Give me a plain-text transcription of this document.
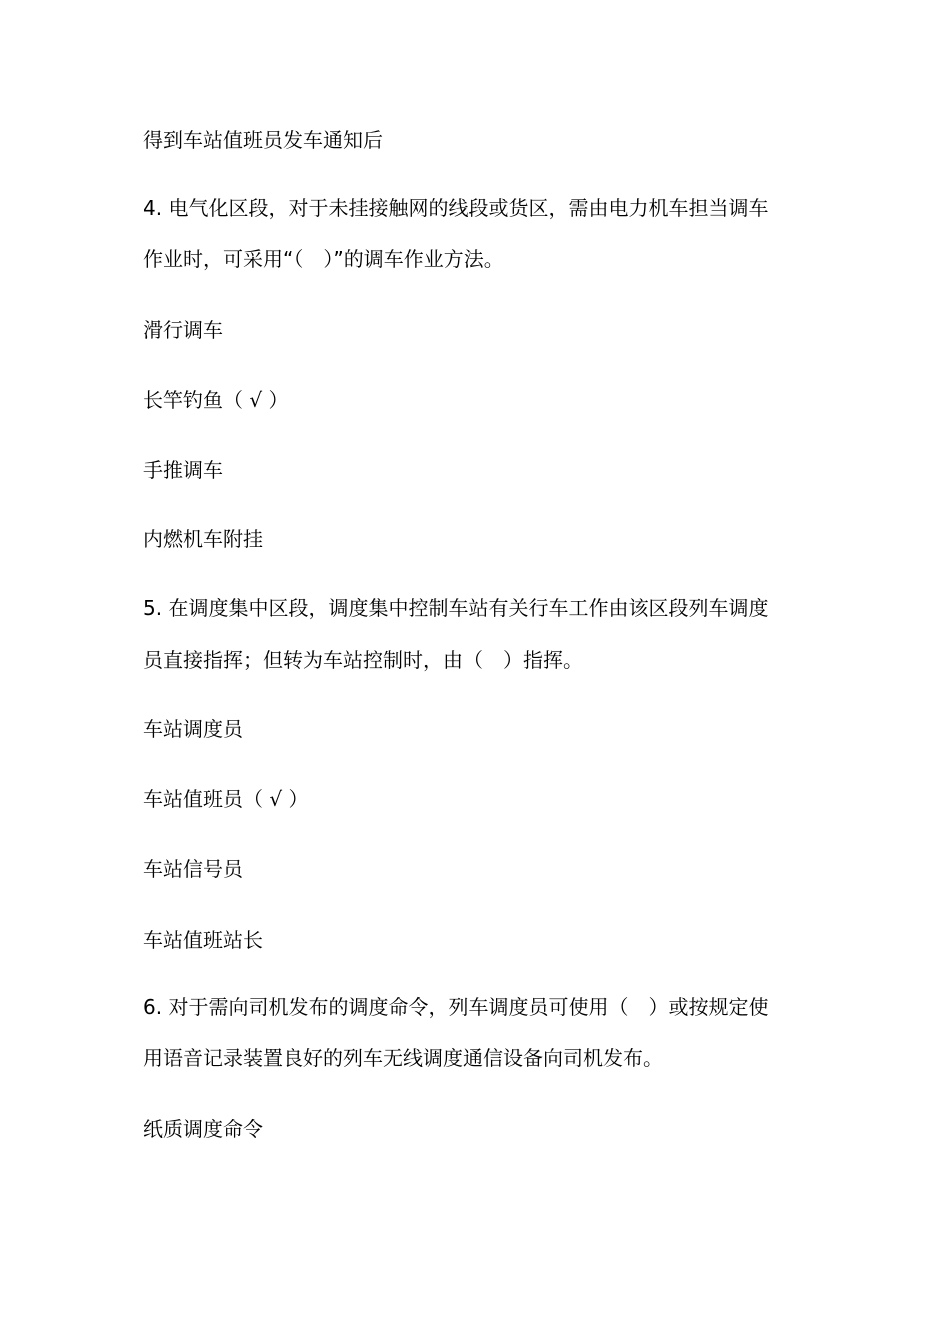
得到车站值班员发车通知后
4. 电气化区段，对于未挂接触网的线段或货区，需由电力机车担当调车
作业时，可采用“（　）”的调车作业方法。
滑行调车
长竿钓鱼（ √ ）
手推调车
内燃机车附挂
5. 在调度集中区段，调度集中控制车站有关行车工作由该区段列车调度
员直接指挥；但转为车站控制时，由（　）指挥。
车站调度员
车站值班员（ √ ）
车站信号员
车站值班站长
6. 对于需向司机发布的调度命令，列车调度员可使用（　）或按规定使
用语音记录装置良好的列车无线调度通信设备向司机发布。
纸质调度命令
